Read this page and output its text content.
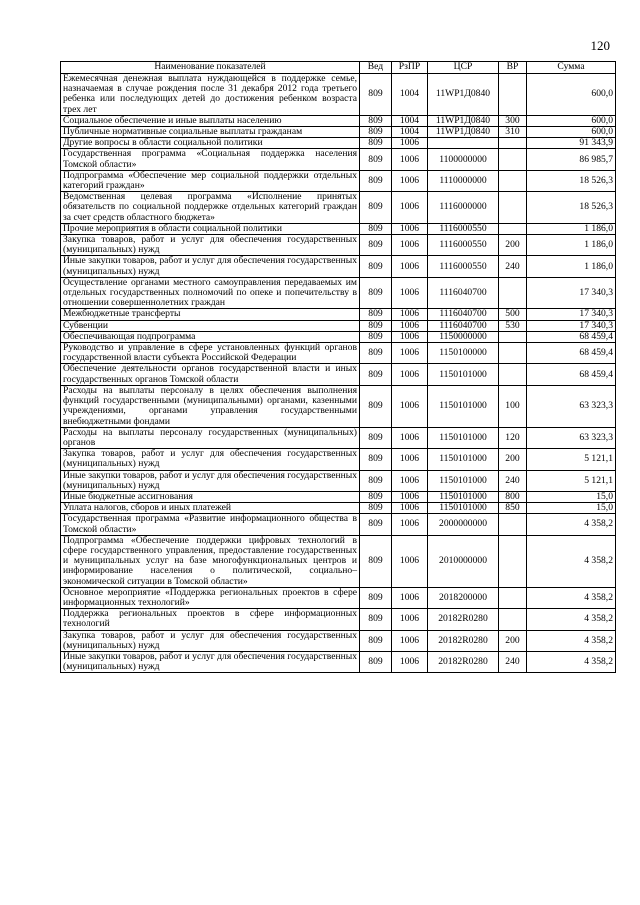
120
Наименование показателей	Вед	РзПР	ЦСР	ВР	Сумма
Ежемесячная денежная выплата нуждающейся в поддержке семье, назначаемая в случае рождения после 31 декабря 2012 года третьего ребенка или последующих детей до достижения ребенком возраста трех лет	809	1004	11WP1Д0840		600,0
Социальное обеспечение и иные выплаты населению	809	1004	11WP1Д0840	300	600,0
Публичные нормативные социальные выплаты гражданам	809	1004	11WP1Д0840	310	600,0
Другие вопросы в области социальной политики	809	1006			91 343,9
Государственная программа «Социальная поддержка населения Томской области»	809	1006	1100000000		86 985,7
Подпрограмма «Обеспечение мер социальной поддержки отдельных категорий граждан»	809	1006	1110000000		18 526,3
Ведомственная целевая программа «Исполнение принятых обязательств по социальной поддержке отдельных категорий граждан за счет средств областного бюджета»	809	1006	1116000000		18 526,3
Прочие мероприятия в области социальной политики	809	1006	1116000550		1 186,0
Закупка товаров, работ и услуг для обеспечения государственных (муниципальных) нужд	809	1006	1116000550	200	1 186,0
Иные закупки товаров, работ и услуг для обеспечения государственных (муниципальных) нужд	809	1006	1116000550	240	1 186,0
Осуществление органами местного самоуправления передаваемых им отдельных государственных полномочий по опеке и попечительству в отношении совершеннолетних граждан	809	1006	1116040700		17 340,3
Межбюджетные трансферты	809	1006	1116040700	500	17 340,3
Субвенции	809	1006	1116040700	530	17 340,3
Обеспечивающая подпрограмма	809	1006	1150000000		68 459,4
Руководство и управление в сфере установленных функций органов государственной власти субъекта Российской Федерации	809	1006	1150100000		68 459,4
Обеспечение деятельности органов государственной власти и иных государственных органов Томской области	809	1006	1150101000		68 459,4
Расходы на выплаты персоналу в целях обеспечения выполнения функций государственными (муниципальными) органами, казенными учреждениями, органами управления государственными внебюджетными фондами	809	1006	1150101000	100	63 323,3
Расходы на выплаты персоналу государственных (муниципальных) органов	809	1006	1150101000	120	63 323,3
Закупка товаров, работ и услуг для обеспечения государственных (муниципальных) нужд	809	1006	1150101000	200	5 121,1
Иные закупки товаров, работ и услуг для обеспечения государственных (муниципальных) нужд	809	1006	1150101000	240	5 121,1
Иные бюджетные ассигнования	809	1006	1150101000	800	15,0
Уплата налогов, сборов и иных платежей	809	1006	1150101000	850	15,0
Государственная программа «Развитие информационного общества в Томской области»	809	1006	2000000000		4 358,2
Подпрограмма «Обеспечение поддержки цифровых технологий в сфере государственного управления, предоставление государственных и муниципальных услуг на базе многофункциональных центров и информирование населения о политической, социально–экономической ситуации в Томской области»	809	1006	2010000000		4 358,2
Основное мероприятие «Поддержка региональных проектов в сфере информационных технологий»	809	1006	2018200000		4 358,2
Поддержка региональных проектов в сфере информационных технологий	809	1006	20182R0280		4 358,2
Закупка товаров, работ и услуг для обеспечения государственных (муниципальных) нужд	809	1006	20182R0280	200	4 358,2
Иные закупки товаров, работ и услуг для обеспечения государственных (муниципальных) нужд	809	1006	20182R0280	240	4 358,2
